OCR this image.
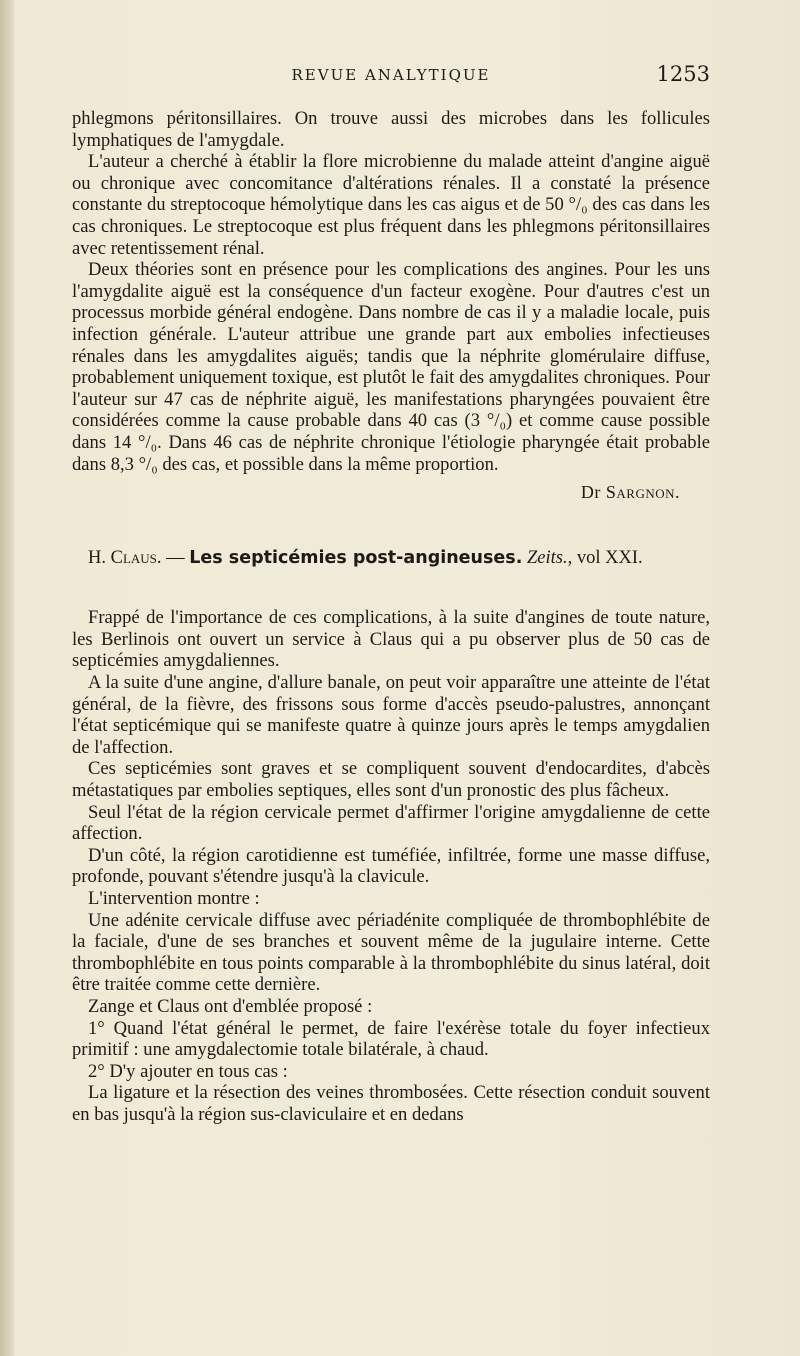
REVUE ANALYTIQUE	1253

phlegmons péritonsillaires. On trouve aussi des microbes dans les follicules lymphatiques de l'amygdale.

L'auteur a cherché à établir la flore microbienne du malade atteint d'angine aiguë ou chronique avec concomitance d'altérations rénales. Il a constaté la présence constante du streptocoque hémolytique dans les cas aigus et de 50 °/₀ des cas dans les cas chroniques. Le streptocoque est plus fréquent dans les phlegmons péritonsillaires avec retentissement rénal.

Deux théories sont en présence pour les complications des angines. Pour les uns l'amygdalite aiguë est la conséquence d'un facteur exogène. Pour d'autres c'est un processus morbide général endogène. Dans nombre de cas il y a maladie locale, puis infection générale. L'auteur attribue une grande part aux embolies infectieuses rénales dans les amygdalites aiguës; tandis que la néphrite glomérulaire diffuse, probablement uniquement toxique, est plutôt le fait des amygdalites chroniques. Pour l'auteur sur 47 cas de néphrite aiguë, les manifestations pharyngées pouvaient être considérées comme la cause probable dans 40 cas (3 °/₀) et comme cause possible dans 14 °/₀. Dans 46 cas de néphrite chronique l'étiologie pharyngée était probable dans 8,3 °/₀ des cas, et possible dans la même proportion.

Dr Sargnon.
H. Claus. — Les septicémies post-angineuses. Zeits., vol XXI.

Frappé de l'importance de ces complications, à la suite d'angines de toute nature, les Berlinois ont ouvert un service à Claus qui a pu observer plus de 50 cas de septicémies amygdaliennes.

A la suite d'une angine, d'allure banale, on peut voir apparaître une atteinte de l'état général, de la fièvre, des frissons sous forme d'accès pseudo-palustres, annonçant l'état septicémique qui se manifeste quatre à quinze jours après le temps amygdalien de l'affection.

Ces septicémies sont graves et se compliquent souvent d'endocardites, d'abcès métastatiques par embolies septiques, elles sont d'un pronostic des plus fâcheux.

Seul l'état de la région cervicale permet d'affirmer l'origine amygdalienne de cette affection.

D'un côté, la région carotidienne est tuméfiée, infiltrée, forme une masse diffuse, profonde, pouvant s'étendre jusqu'à la clavicule.

L'intervention montre :

Une adénite cervicale diffuse avec périadénite compliquée de thrombophlébite de la faciale, d'une de ses branches et souvent même de la jugulaire interne. Cette thrombophlébite en tous points comparable à la thrombophlébite du sinus latéral, doit être traitée comme cette dernière.

Zange et Claus ont d'emblée proposé :

1° Quand l'état général le permet, de faire l'exérèse totale du foyer infectieux primitif : une amygdalectomie totale bilatérale, à chaud.

2° D'y ajouter en tous cas :

La ligature et la résection des veines thrombosées. Cette résection conduit souvent en bas jusqu'à la région sus-claviculaire et en dedans
